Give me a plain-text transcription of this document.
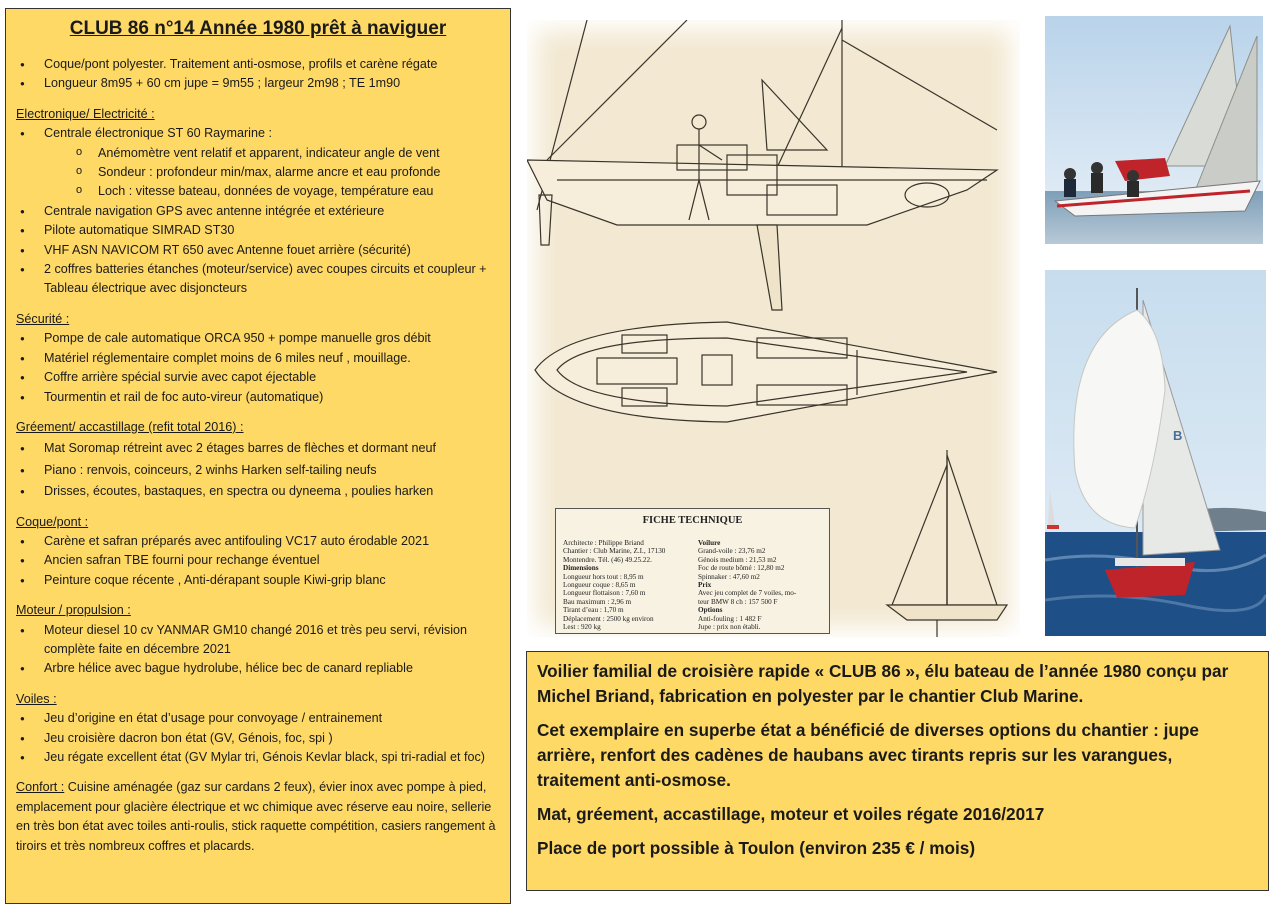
CLUB 86 n°14 Année 1980 prêt à naviguer
● Coque/pont polyester. Traitement anti-osmose, profils et carène régate
● Longueur 8m95 + 60 cm jupe = 9m55 ; largeur 2m98 ; TE 1m90
Electronique/ Electricité :
● Centrale électronique ST 60 Raymarine :
o Anémomètre vent relatif et apparent, indicateur angle de vent
o Sondeur : profondeur min/max, alarme ancre et eau profonde
o Loch : vitesse bateau, données de voyage, température eau
● Centrale navigation GPS avec antenne intégrée et extérieure
● Pilote automatique SIMRAD ST30
● VHF ASN NAVICOM RT 650 avec Antenne fouet arrière (sécurité)
● 2 coffres batteries étanches (moteur/service) avec coupes circuits et coupleur + Tableau électrique avec disjoncteurs
Sécurité :
● Pompe de cale automatique ORCA 950 + pompe manuelle gros débit
● Matériel réglementaire complet moins de 6 miles neuf , mouillage.
● Coffre arrière spécial survie avec capot éjectable
● Tourmentin et rail de foc auto-vireur (automatique)
Gréement/ accastillage (refit total 2016) :
● Mat Soromap rétreint avec 2 étages barres de flèches et dormant neuf
● Piano : renvois, coinceurs, 2 winhs Harken self-tailing neufs
● Drisses, écoutes, bastaques, en spectra ou dyneema , poulies harken
Coque/pont :
● Carène et safran préparés avec antifouling VC17 auto érodable 2021
● Ancien safran TBE fourni pour rechange éventuel
● Peinture coque récente , Anti-dérapant souple Kiwi-grip blanc
Moteur / propulsion :
● Moteur diesel 10 cv YANMAR GM10 changé 2016 et très peu servi, révision complète faite en décembre 2021
● Arbre hélice avec bague hydrolube, hélice bec de canard repliable
Voiles :
● Jeu d’origine en état d’usage pour convoyage / entrainement
● Jeu croisière dacron bon état (GV, Génois, foc, spi )
● Jeu régate excellent état (GV Mylar tri, Génois Kevlar black, spi tri-radial et foc)
Confort : Cuisine aménagée (gaz sur cardans 2 feux), évier inox avec pompe à pied, emplacement pour glacière électrique et wc chimique avec réserve eau noire, sellerie en très bon état avec toiles anti-roulis, stick raquette compétition, casiers rangement à tiroirs et très nombreux coffres et placards.
FICHE TECHNIQUE
Architecte : Philippe Briand
Chantier : Club Marine, Z.I., 17130
Montendre. Tél. (46) 49.25.22.
Dimensions
Longueur hors tout : 8,95 m
Longueur coque : 8,65 m
Longueur flottaison : 7,60 m
Bau maximum : 2,96 m
Tirant d’eau : 1,70 m
Déplacement : 2500 kg environ
Lest : 920 kg
Voilure
Grand-voile : 23,76 m2
Génois medium : 21,53 m2
Foc de route bômé : 12,80 m2
Spinnaker : 47,60 m2
Prix
Avec jeu complet de 7 voiles, mo-
teur BMW 8 ch : 157 500 F
Options
Anti-fouling : 1 482 F
Jupe : prix non établi.
B

Voilier familial de croisière rapide « CLUB 86 », élu bateau de l’année 1980 conçu par Michel Briand, fabrication en polyester par le chantier Club Marine.

Cet exemplaire en superbe état a bénéficié de diverses options du chantier : jupe arrière, renfort des cadènes de haubans avec tirants repris sur les varangues, traitement anti-osmose.

Mat, gréement, accastillage, moteur et voiles régate 2016/2017

Place de port possible à Toulon (environ 235 € / mois)
